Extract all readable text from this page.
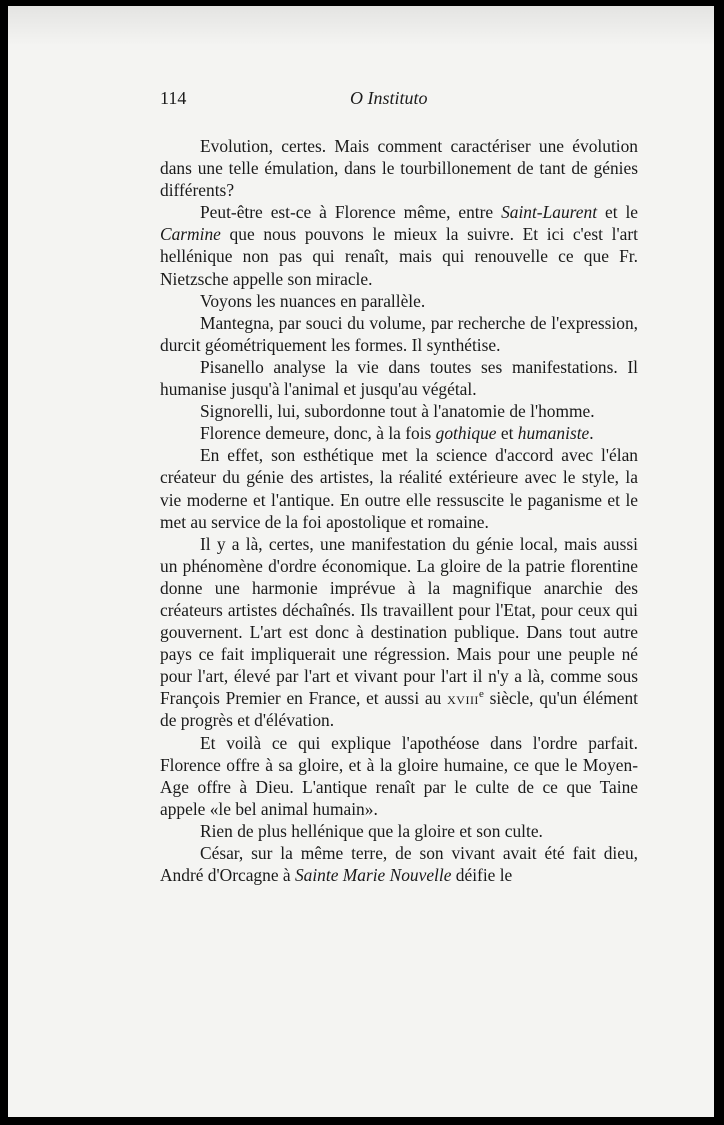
114	O Instituto

Evolution, certes. Mais comment caractériser une évolution dans une telle émulation, dans le tourbillonement de tant de génies différents?

Peut-être est-ce à Florence même, entre Saint-Laurent et le Carmine que nous pouvons le mieux la suivre. Et ici c'est l'art hellénique non pas qui renaît, mais qui renouvelle ce que Fr. Nietzsche appelle son miracle.

Voyons les nuances en parallèle.

Mantegna, par souci du volume, par recherche de l'expression, durcit géométriquement les formes. Il synthétise.

Pisanello analyse la vie dans toutes ses manifestations. Il humanise jusqu'à l'animal et jusqu'au végétal.

Signorelli, lui, subordonne tout à l'anatomie de l'homme.

Florence demeure, donc, à la fois gothique et humaniste.

En effet, son esthétique met la science d'accord avec l'élan créateur du génie des artistes, la réalité extérieure avec le style, la vie moderne et l'antique. En outre elle ressuscite le paganisme et le met au service de la foi apostolique et romaine.

Il y a là, certes, une manifestation du génie local, mais aussi un phénomène d'ordre économique. La gloire de la patrie florentine donne une harmonie imprévue à la magnifique anarchie des créateurs artistes déchaînés. Ils travaillent pour l'Etat, pour ceux qui gouvernent. L'art est donc à destination publique. Dans tout autre pays ce fait impliquerait une régression. Mais pour une peuple né pour l'art, élevé par l'art et vivant pour l'art il n'y a là, comme sous François Premier en France, et aussi au xviii$^e$ siècle, qu'un élément de progrès et d'élévation.

Et voilà ce qui explique l'apothéose dans l'ordre parfait. Florence offre à sa gloire, et à la gloire humaine, ce que le Moyen-Age offre à Dieu. L'antique renaît par le culte de ce que Taine appele «le bel animal humain».

Rien de plus hellénique que la gloire et son culte.

César, sur la même terre, de son vivant avait été fait dieu, André d'Orcagne à Sainte Marie Nouvelle déifie le
